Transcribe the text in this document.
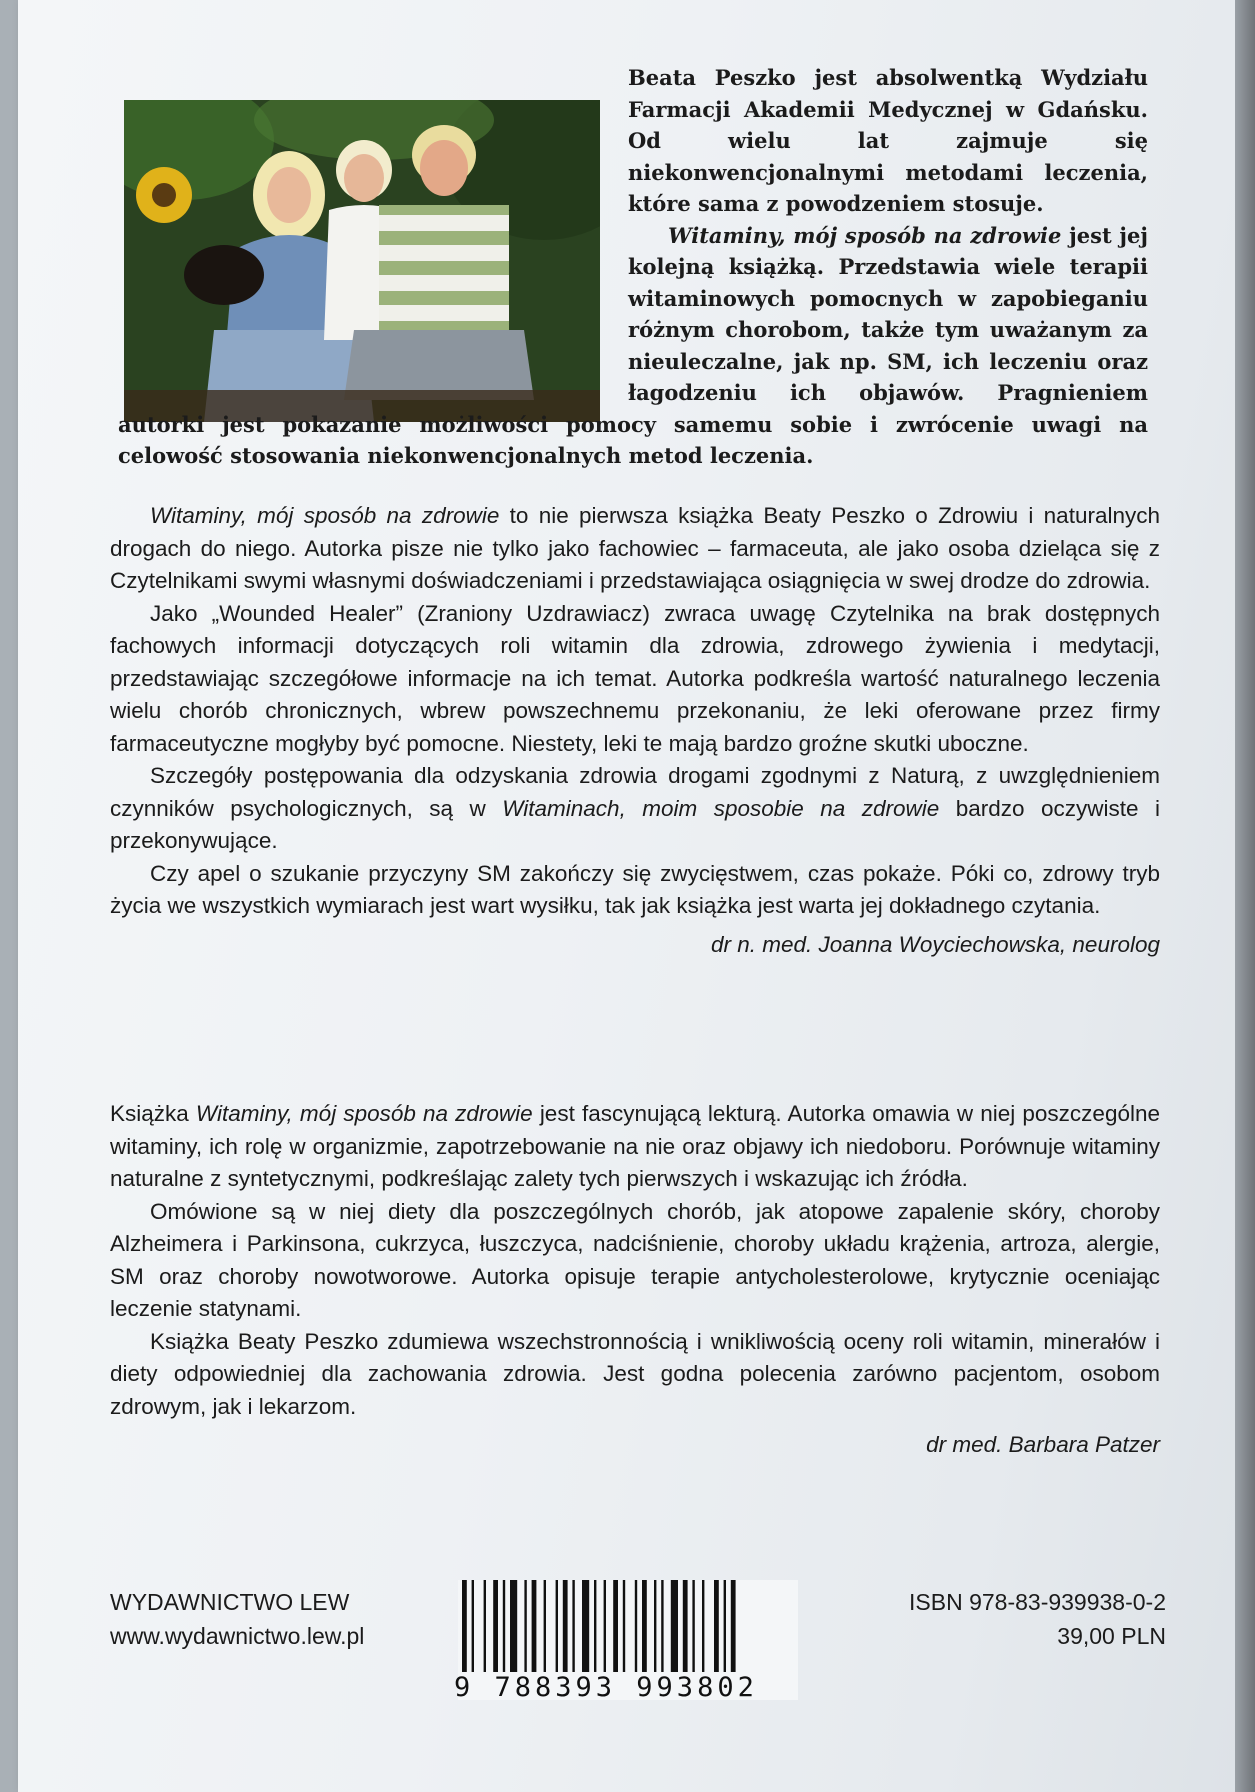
Beata Peszko jest absolwentką Wydziału Farmacji Akademii Medycznej w Gdańsku. Od wielu lat zajmuje się niekonwencjonalnymi metodami leczenia, które sama z powodzeniem stosuje.

Witaminy, mój sposób na zdrowie jest jej kolejną książką. Przedstawia wiele terapii witaminowych pomocnych w zapobieganiu różnym chorobom, także tym uważanym za nieuleczalne, jak np. SM, ich leczeniu oraz łagodzeniu ich objawów. Pragnieniem autorki jest pokazanie możliwości pomocy samemu sobie i zwrócenie uwagi na celowość stosowania niekonwencjonalnych metod leczenia.

Witaminy, mój sposób na zdrowie to nie pierwsza książka Beaty Peszko o Zdrowiu i naturalnych drogach do niego. Autorka pisze nie tylko jako fachowiec – farmaceuta, ale jako osoba dzieląca się z Czytelnikami swymi własnymi doświadczeniami i przedstawiająca osiągnięcia w swej drodze do zdrowia.

Jako „Wounded Healer” (Zraniony Uzdrawiacz) zwraca uwagę Czytelnika na brak dostępnych fachowych informacji dotyczących roli witamin dla zdrowia, zdrowego żywienia i medytacji, przedstawiając szczegółowe informacje na ich temat. Autorka podkreśla wartość naturalnego leczenia wielu chorób chronicznych, wbrew powszechnemu przekonaniu, że leki oferowane przez firmy farmaceutyczne mogłyby być pomocne. Niestety, leki te mają bardzo groźne skutki uboczne.

Szczegóły postępowania dla odzyskania zdrowia drogami zgodnymi z Naturą, z uwzględnieniem czynników psychologicznych, są w Witaminach, moim sposobie na zdrowie bardzo oczywiste i przekonywujące.

Czy apel o szukanie przyczyny SM zakończy się zwycięstwem, czas pokaże. Póki co, zdrowy tryb życia we wszystkich wymiarach jest wart wysiłku, tak jak książka jest warta jej dokładnego czytania.

dr n. med. Joanna Woyciechowska, neurolog

Książka Witaminy, mój sposób na zdrowie jest fascynującą lekturą. Autorka omawia w niej poszczególne witaminy, ich rolę w organizmie, zapotrzebowanie na nie oraz objawy ich niedoboru. Porównuje witaminy naturalne z syntetycznymi, podkreślając zalety tych pierwszych i wskazując ich źródła.

Omówione są w niej diety dla poszczególnych chorób, jak atopowe zapalenie skóry, choroby Alzheimera i Parkinsona, cukrzyca, łuszczyca, nadciśnienie, choroby układu krążenia, artroza, alergie, SM oraz choroby nowotworowe. Autorka opisuje terapie antycholesterolowe, krytycznie oceniając leczenie statynami.

Książka Beaty Peszko zdumiewa wszechstronnością i wnikliwością oceny roli witamin, minerałów i diety odpowiedniej dla zachowania zdrowia. Jest godna polecenia zarówno pacjentom, osobom zdrowym, jak i lekarzom.

dr med. Barbara Patzer

WYDAWNICTWO LEW
www.wydawnictwo.lew.pl
9 788393 993802
ISBN 978-83-939938-0-2
39,00 PLN
